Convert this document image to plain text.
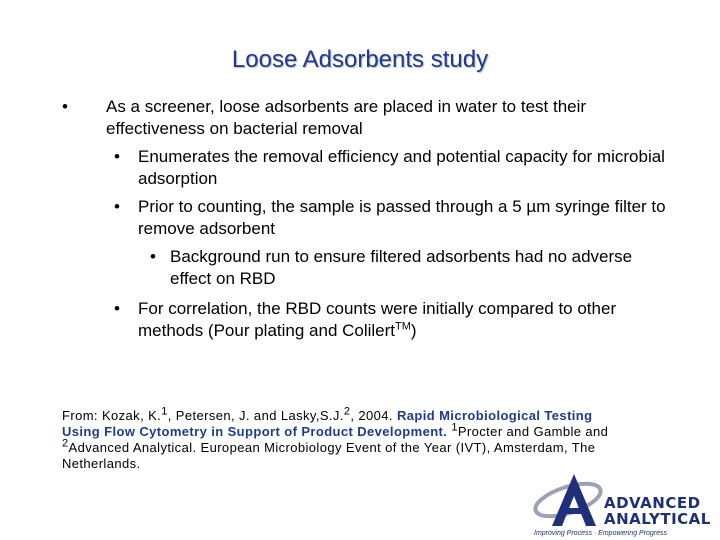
Loose Adsorbents study
• As a screener, loose adsorbents are placed in water to test their effectiveness on bacterial removal
• Enumerates the removal efficiency and potential capacity for microbial adsorption
• Prior to counting, the sample is passed through a 5 µm syringe filter to remove adsorbent
• Background run to ensure filtered adsorbents had no adverse effect on RBD
• For correlation, the RBD counts were initially compared to other methods (Pour plating and Colilert™)
From: Kozak, K.$^1$, Petersen, J. and Lasky,S.J.$^2$, 2004. Rapid Microbiological Testing Using Flow Cytometry in Support of Product Development. $^1$Procter and Gamble and $^2$Advanced Analytical. European Microbiology Event of the Year (IVT), Amsterdam, The Netherlands.
ADVANCED
ANALYTICAL
Improving Process · Empowering Progress
